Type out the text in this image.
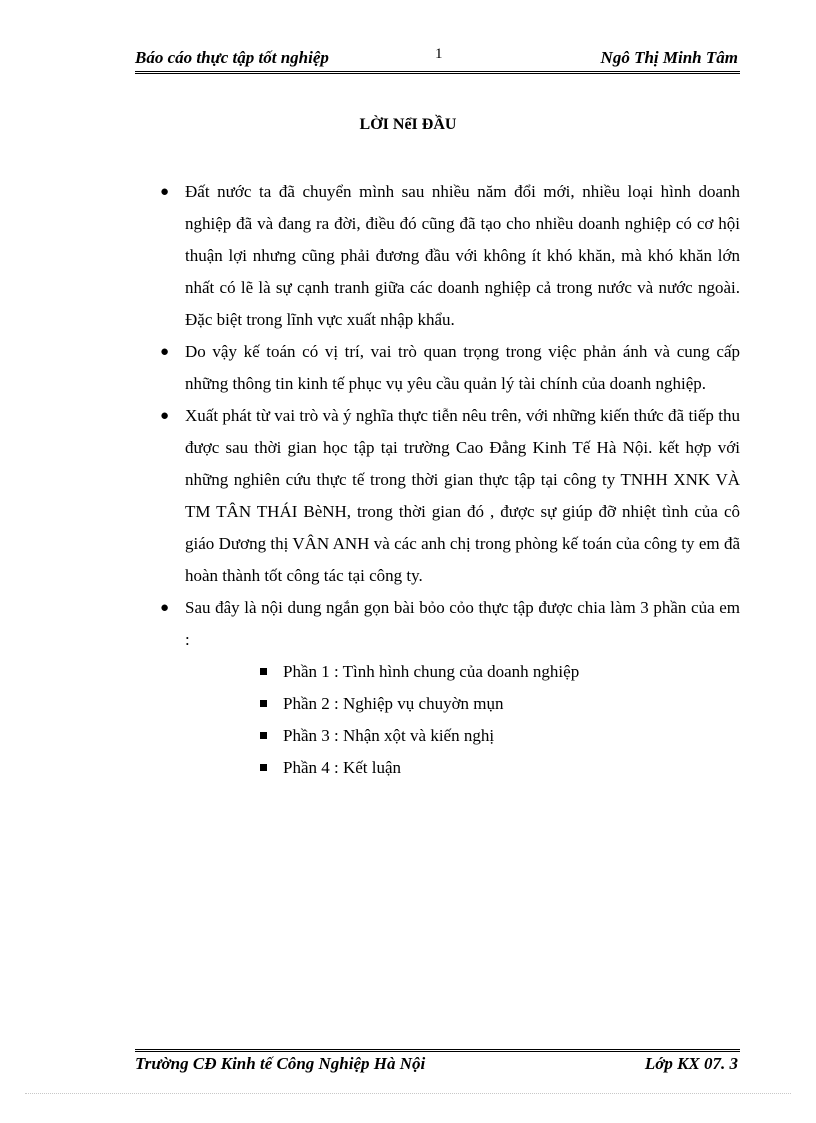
Báo cáo thực tập tốt nghiệp	1	Ngô Thị Minh Tâm
LỜI NểI ĐẦU

● Đất nước ta đã chuyển mình sau nhiều năm đổi mới, nhiều loại hình doanh nghiệp đã và đang ra đời, điều đó cũng đã tạo cho nhiều doanh nghiệp có cơ hội thuận lợi nhưng cũng phải đương đầu với không ít khó khăn, mà khó khăn lớn nhất có lẽ là sự cạnh tranh giữa các doanh nghiệp cả trong nước và nước ngoài. Đặc biệt trong lĩnh vực xuất nhập khẩu.

● Do vậy kế toán có vị trí, vai trò quan trọng trong việc phản ánh và cung cấp những thông tin kinh tế phục vụ yêu cầu quản lý tài chính của doanh nghiệp.

● Xuất phát từ vai trò và ý nghĩa thực tiễn nêu trên, với những kiến thức đã tiếp thu được sau thời gian học tập tại trường Cao Đẳng Kinh Tế Hà Nội. kết hợp với những nghiên cứu thực tế trong thời gian thực tập tại công ty TNHH XNK VÀ TM TÂN THÁI BèNH, trong thời gian đó , được sự giúp đỡ nhiệt tình của cô giáo Dương thị VÂN ANH và các anh chị trong phòng kế toán của công ty em đã hoàn thành tốt công tác tại công ty.

● Sau đây là nội dung ngắn gọn bài bỏo cỏo thực tập được chia làm 3 phần của em :

Phần 1 : Tình hình chung của doanh nghiệp
Phần 2 : Nghiệp vụ chuyờn mụn
Phần 3 : Nhận xột và kiến nghị
Phần 4 : Kết luận
Trường CĐ Kinh tế Công Nghiệp Hà Nội	Lớp KX 07. 3
